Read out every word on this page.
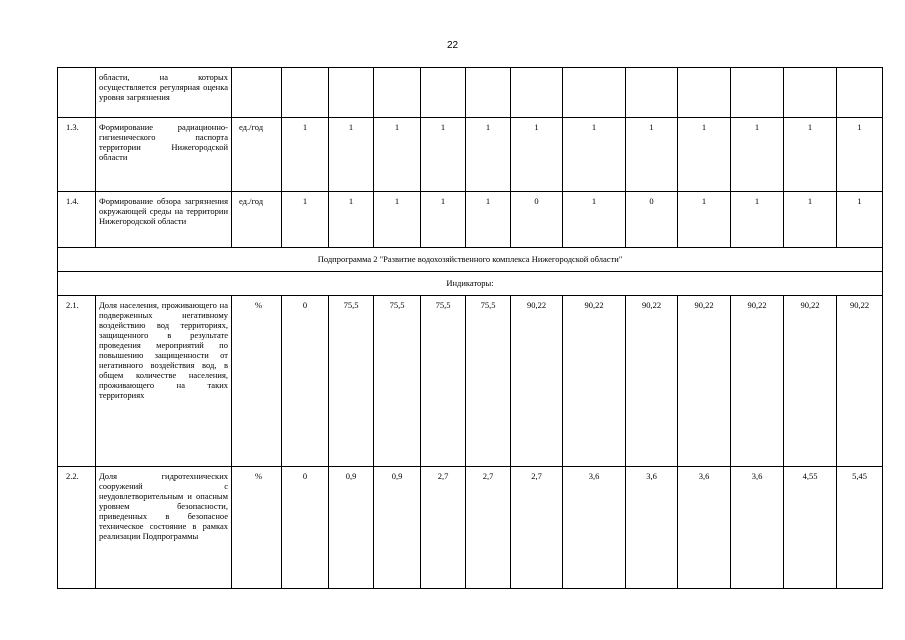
22
	области, на которых осуществляется регулярная оценка уровня загрязнения													
1.3.	Формирование радиационно-гигиенического паспорта территории Нижегородской области	ед./год	1	1	1	1	1	1	1	1	1	1	1	1
1.4.	Формирование обзора загрязнения окружающей среды на территории Нижегородской области	ед./год	1	1	1	1	1	0	1	0	1	1	1	1
Подпрограмма 2 "Развитие водохозяйственного комплекса Нижегородской области"														
Индикаторы:														
2.1.	Доля населения, проживающего на подверженных негативному воздействию вод территориях, защищенного в результате проведения мероприятий по повышению защищенности от негативного воздействия вод, в общем количестве населения, проживающего на таких территориях	%	0	75,5	75,5	75,5	75,5	90,22	90,22	90,22	90,22	90,22	90,22	90,22
2.2.	Доля гидротехнических сооружений с неудовлетворительным и опасным уровнем безопасности, приведенных в безопасное техническое состояние в рамках реализации Подпрограммы	%	0	0,9	0,9	2,7	2,7	2,7	3,6	3,6	3,6	3,6	4,55	5,45
